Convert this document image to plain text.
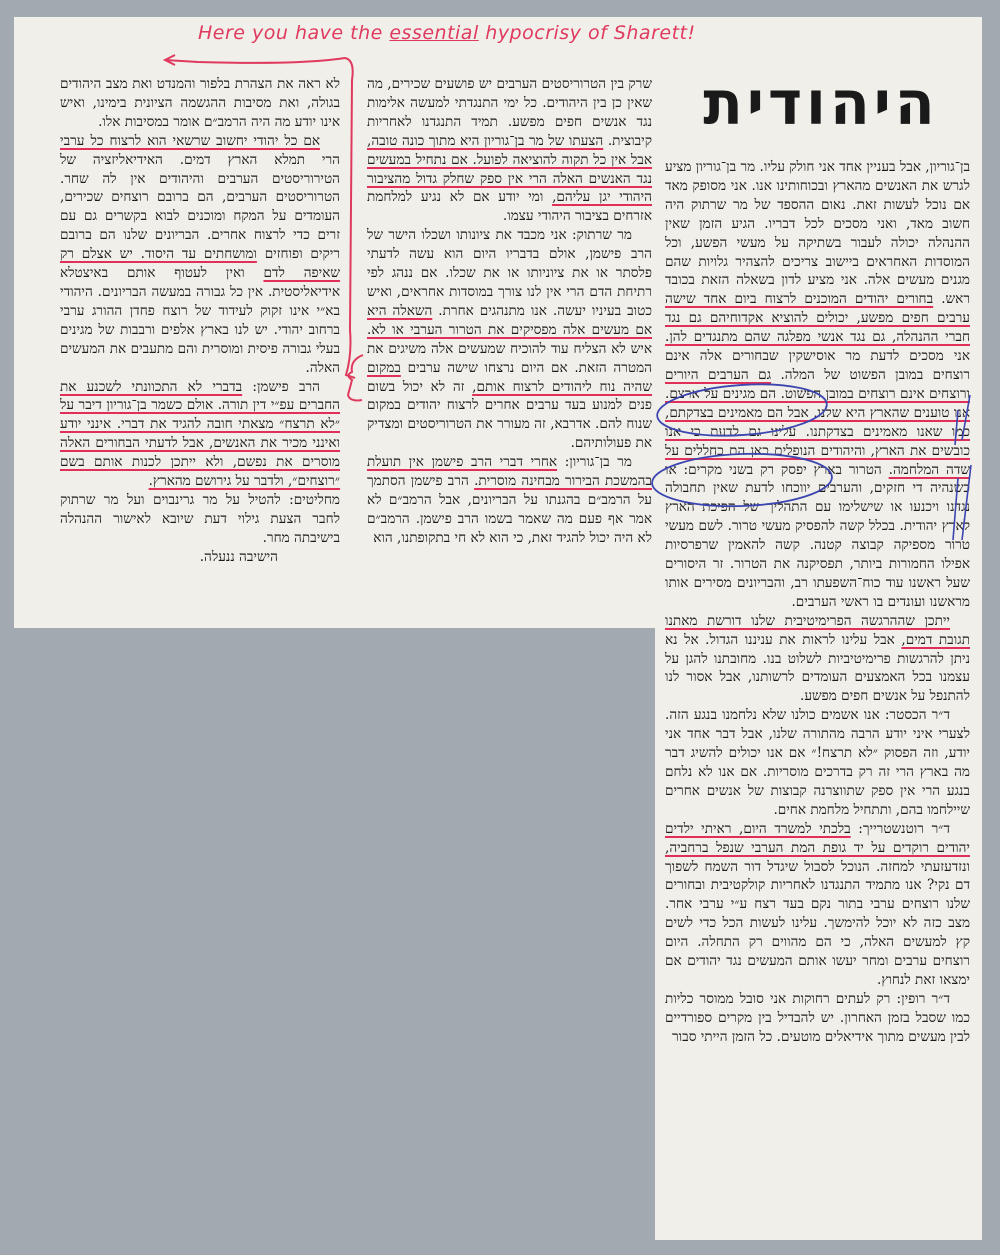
Here you have the essential hypocrisy of Sharett!
היהודית

בן־גוריון, אבל בעניין אחד אני חולק עליו. מר בן־גוריון מציע לגרש את האנשים מהארץ ובכוחותינו אנו. אני מסופק מאד אם נוכל לעשות זאת. נאום ההספד של מר שרתוק היה חשוב מאד, ואני מסכים לכל דבריו. הגיע הזמן שאין ההנהלה יכולה לעבור בשתיקה על מעשי הפשע, וכל המוסדות האחראים ביישוב צריכים להצהיר גלויות שהם מגנים מעשים אלה. אני מציע לדון בשאלה הזאת בכובד ראש. בחורים יהודים המוכנים לרצוח ביום אחד שישה ערבים חפים מפשע, יכולים להוציא אקדוחיהם גם נגד חברי ההנהלה, גם נגד אנשי מפלגה שהם מתנגדים להן. אני מסכים לדעת מר אוסישקין שבחורים אלה אינם רוצחים במובן הפשוט של המלה. גם הערבים היורים ורוצחים אינם רוצחים במובן הפשוט. הם מגינים על ארצם. אנו טוענים שהארץ היא שלנו, אבל הם מאמינים בצדקתם, כמו שאנו מאמינים בצדקתנו. עלינו גם לדעת כי אנו כובשים את הארץ, והיהודים הנופלים כאן הם כחללים על שדה המלחמה. הטרור בארץ יפסק רק בשני מקרים: או כשנהיה די חזקים, והערבים יווכחו לדעת שאין תחבולה נגדנו ויכנעו או שישלימו עם התהליך של הפיכת הארץ לארץ יהודית. בכלל קשה להפסיק מעשי טרור. לשם מעשי טרור מספיקה קבוצה קטנה. קשה להאמין שרפרסיות אפילו החמורות ביותר, תפסיקנה את הטרור. זר היסורים שעל ראשנו עוד כוח־השפעתו רב, והבריונים מסירים אותו מראשנו ועונדים בו ראשי הערבים.

ייתכן שההרגשה הפרימיטיבית שלנו דורשת מאתנו תגובת דמים, אבל עלינו לראות את עניננו הגדול. אל נא ניתן להרגשות פרימיטיביות לשלוט בנו. מחובתנו להגן על עצמנו בכל האמצעים העומדים לרשותנו, אבל אסור לנו להתנפל על אנשים חפים מפשע.

ד״ר הכסטר: אנו אשמים כולנו שלא נלחמנו בנגע הזה. לצערי איני יודע הרבה מהתורה שלנו, אבל דבר אחד אני יודע, וזה הפסוק ״לא תרצח!״ אם אנו יכולים להשיג דבר מה בארץ הרי זה רק בדרכים מוסריות. אם אנו לא נלחם בנגע הרי אין ספק שתווצרנה קבוצות של אנשים אחרים שיילחמו בהם, ותתחיל מלחמת אחים.

ד״ר רוטנשטרייך: בלכתי למשרד היום, ראיתי ילדים יהודים רוקדים על יד גופת המת הערבי שנפל ברחביה, ונזדעזעתי למחזה. הנוכל לסבול שיגדל דור השמח לשפוך דם נקי? אנו מתמיד התנגדנו לאחריות קולקטיבית ובחורים שלנו רוצחים ערבי בתור נקם בעד רצח ע״י ערבי אחר. מצב כזה לא יוכל להימשך. עלינו לעשות הכל כדי לשים קץ למעשים האלה, כי הם מהווים רק התחלה. היום רוצחים ערבים ומחר יעשו אותם המעשים נגד יהודים אם ימצאו זאת לנחוץ.

ד״ר רופין: רק לעתים רחוקות אני סובל ממוסר כליות כמו שסבל בזמן האחרון. יש להבדיל בין מקרים ספורדיים לבין מעשים מתוך אידיאלים מוטעים. כל הזמן הייתי סבור

שרק בין הטרוריסטים הערבים יש פושעים שכירים, מה שאין כן בין היהודים. כל ימי התנגדתי למעשה אלימות נגד אנשים חפים מפשע. תמיד התנגדנו לאחריות קיבוצית. הצעתו של מר בן־גוריון היא מתוך כונה טובה, אבל אין כל תקוה להוציאה לפועל. אם נתחיל במעשים נגד האנשים האלה הרי אין ספק שחלק גדול מהציבור היהודי יגן עליהם, ומי יודע אם לא נגיע למלחמת אזרחים בציבור היהודי עצמו.

מר שרתוק: אני מכבד את ציונותו ושכלו הישר של הרב פישמן, אולם בדבריו היום הוא עשה לדעתי פלסתר או את ציוניותו או את שכלו. אם ננהג לפי רתיחת הדם הרי אין לנו צורך במוסדות אחראים, ואיש כטוב בעיניו יעשה. אנו מתנהגים אחרת. השאלה היא אם מעשים אלה מפסיקים את הטרור הערבי או לא. איש לא הצליח עוד להוכיח שמעשים אלה משיגים את המטרה הזאת. אם היום נרצחו שישה ערבים במקום שהיה נוח ליהודים לרצוח אותם, זה לא יכול בשום פנים למנוע בעד ערבים אחרים לרצוח יהודים במקום שנוח להם. אדרבא, זה מעורר את הטרוריסטים ומצדיק את פעולותיהם.

מר בן־גוריון: אחרי דברי הרב פישמן אין תועלת בהמשכת הבירור מבחינה מוסרית. הרב פישמן הסתמך על הרמב״ם בהגנתו על הבריונים, אבל הרמב״ם לא אמר אף פעם מה שאמר בשמו הרב פישמן. הרמב״ם לא היה יכול להגיד זאת, כי הוא לא חי בתקופתנו, הוא

לא ראה את הצהרת בלפור והמנדט ואת מצב היהודים בגולה, ואת מסיבות ההגשמה הציונית בימינו, ואיש אינו יודע מה היה הרמב״ם אומר במסיבות אלו.

אם כל יהודי יחשוב שרשאי הוא לרצוח כל ערבי הרי תמלא הארץ דמים. האידיאליזציה של הטירוריסטים הערבים והיהודים אין לה שחר. הטרוריסטים הערבים, הם ברובם רוצחים שכירים, העומדים על המקח ומוכנים לבוא בקשרים גם עם זרים כדי לרצוח אחרים. הבריונים שלנו הם ברובם ריקים ופוחזים ומושחתים עד היסוד. יש אצלם רק שאיפה לדם ואין לעטוף אותם באיצטלא אידיאליסטית. אין כל גבורה במעשה הבריונים. היהודי בא״י אינו זקוק לעידוד של רוצח פחדן ההורג ערבי ברחוב יהודי. יש לנו בארץ אלפים ורבבות של מגינים בעלי גבורה פיסית ומוסרית והם מתעבים את המעשים האלה.

הרב פישמן: בדברי לא התכוונתי לשכנע את החברים עפ״י דין תורה. אולם כשמר בן־גוריון דיבר על ״לא תרצח״ מצאתי חובה להגיד את דברי. אינני יודע ואינני מכיר את האנשים, אבל לדעתי הבחורים האלה מוסרים את נפשם, ולא ייתכן לכנות אותם בשם ״רוצחים״, ולדבר על גירושם מהארץ.

מחליטים: להטיל על מר גרינבוים ועל מר שרתוק לחבר הצעת גילוי דעת שיובא לאישור ההנהלה בישיבתה מחר.

הישיבה ננעלה.
